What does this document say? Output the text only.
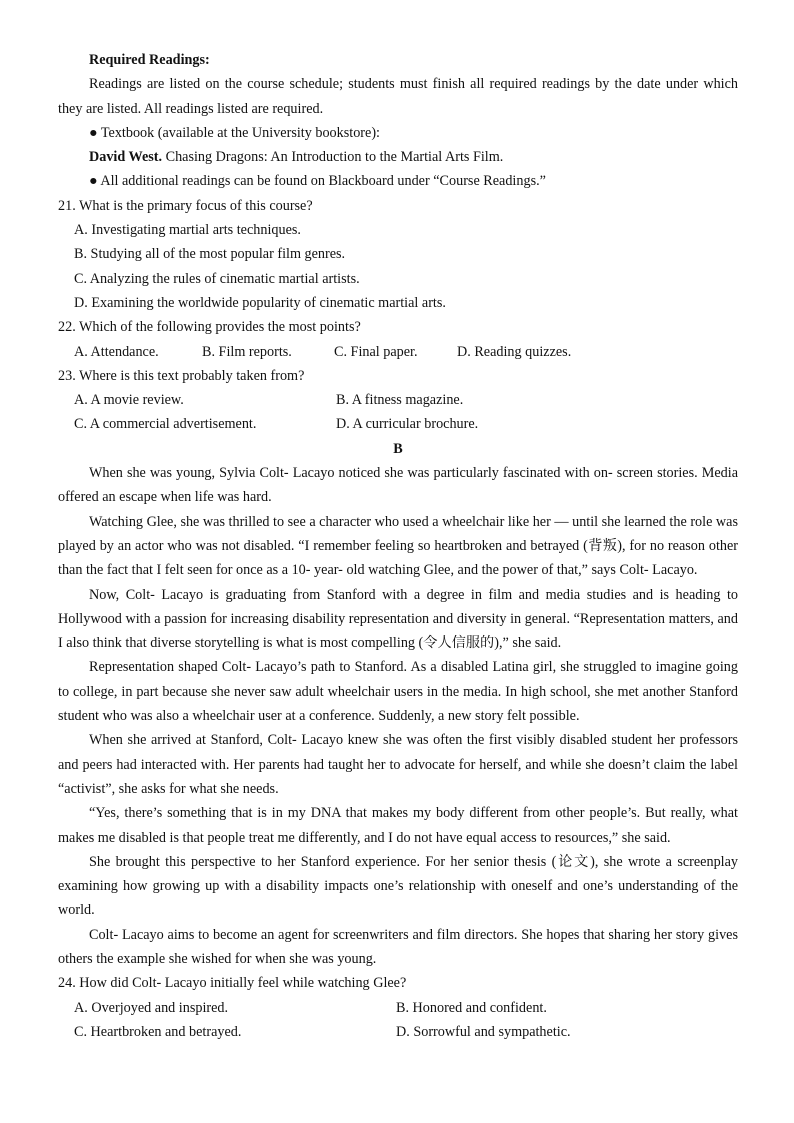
Required Readings:
Readings are listed on the course schedule; students must finish all required readings by the date under which
they are listed. All readings listed are required.
● Textbook (available at the University bookstore):
David West. Chasing Dragons: An Introduction to the Martial Arts Film.
● All additional readings can be found on Blackboard under “Course Readings.”
21. What is the primary focus of this course?
A. Investigating martial arts techniques.
B. Studying all of the most popular film genres.
C. Analyzing the rules of cinematic martial artists.
D. Examining the worldwide popularity of cinematic martial arts.
22. Which of the following provides the most points?
A. Attendance.	B. Film reports.	C. Final paper.	D. Reading quizzes.
23. Where is this text probably taken from?
A. A movie review.	B. A fitness magazine.
C. A commercial advertisement.	D. A curricular brochure.
B
When she was young, Sylvia Colt- Lacayo noticed she was particularly fascinated with on- screen stories. Media offered an escape when life was hard.
Watching Glee, she was thrilled to see a character who used a wheelchair like her — until she learned the role was played by an actor who was not disabled. “I remember feeling so heartbroken and betrayed (背叛), for no reason other than the fact that I felt seen for once as a 10- year- old watching Glee, and the power of that,” says Colt- Lacayo.
Now, Colt- Lacayo is graduating from Stanford with a degree in film and media studies and is heading to Hollywood with a passion for increasing disability representation and diversity in general. “Representation matters, and I also think that diverse storytelling is what is most compelling (令人信服的),” she said.
Representation shaped Colt- Lacayo’s path to Stanford. As a disabled Latina girl, she struggled to imagine going to college, in part because she never saw adult wheelchair users in the media. In high school, she met another Stanford student who was also a wheelchair user at a conference. Suddenly, a new story felt possible.
When she arrived at Stanford, Colt- Lacayo knew she was often the first visibly disabled student her professors and peers had interacted with. Her parents had taught her to advocate for herself, and while she doesn’t claim the label “activist”, she asks for what she needs.
“Yes, there’s something that is in my DNA that makes my body different from other people’s. But really, what makes me disabled is that people treat me differently, and I do not have equal access to resources,” she said.
She brought this perspective to her Stanford experience. For her senior thesis (论文), she wrote a screenplay examining how growing up with a disability impacts one’s relationship with oneself and one’s understanding of the world.
Colt- Lacayo aims to become an agent for screenwriters and film directors. She hopes that sharing her story gives others the example she wished for when she was young.
24. How did Colt- Lacayo initially feel while watching Glee?
A. Overjoyed and inspired.	B. Honored and confident.
C. Heartbroken and betrayed.	D. Sorrowful and sympathetic.
